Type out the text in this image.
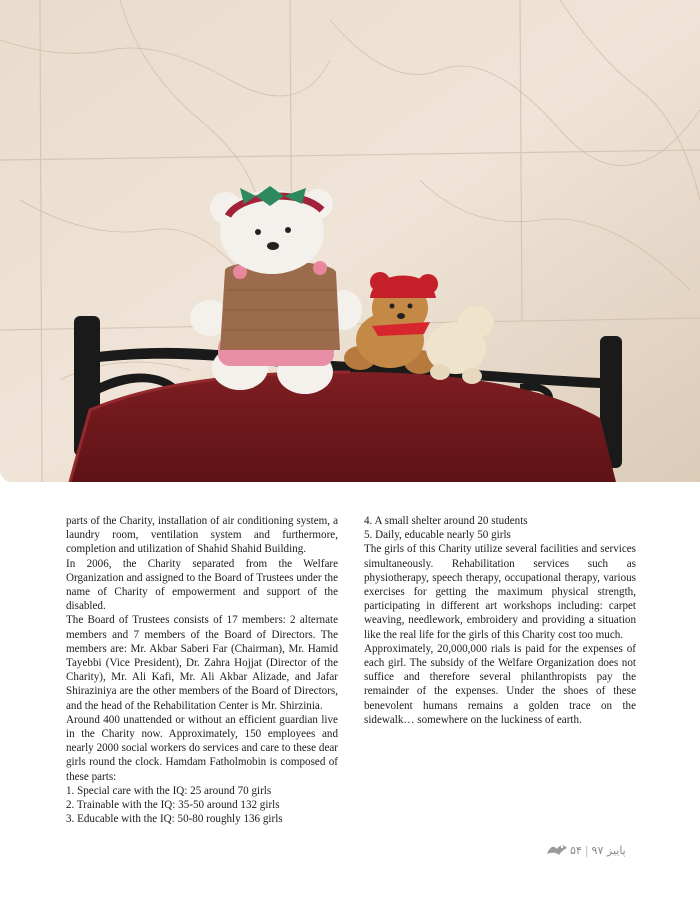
parts of the Charity, installation of air conditioning system, a laundry room, ventilation system and furthermore, completion and utilization of Shahid Shahid Building.

In 2006, the Charity separated from the Welfare Organization and assigned to the Board of Trustees under the name of Charity of empowerment and support of the disabled.

The Board of Trustees consists of 17 members: 2 alternate members and 7 members of the Board of Directors. The members are: Mr. Akbar Saberi Far (Chairman), Mr. Hamid Tayebbi (Vice President), Dr. Zahra Hojjat (Director of the Charity), Mr. Ali Kafi, Mr. Ali Akbar Alizade, and Jafar Shiraziniya are the other members of the Board of Directors, and the head of the Rehabilitation Center is Mr. Shirzinia.

Around 400 unattended or without an efficient guardian live in the Charity now. Approximately, 150 employees and nearly 2000 social workers do services and care to these dear girls round the clock. Hamdam Fatholmobin is composed of these parts:

1. Special care with the IQ: 25 around 70 girls
2. Trainable with the IQ: 35-50 around 132 girls
3. Educable with the IQ: 50-80 roughly 136 girls
4. A small shelter around 20 students
5. Daily, educable nearly 50 girls

The girls of this Charity utilize several facilities and services simultaneously. Rehabilitation services such as physiotherapy, speech therapy, occupational therapy, various exercises for getting the maximum physical strength, participating in different art workshops including: carpet weaving, needlework, embroidery and providing a situation like the real life for the girls of this Charity cost too much.

Approximately, 20,000,000 rials is paid for the expenses of each girl. The subsidy of the Welfare Organization does not suffice and therefore several philanthropists pay the remainder of the expenses. Under the shoes of these benevolent humans remains a golden trace on the sidewalk… somewhere on the luckiness of earth.

۵۴ | پاییز ۹۷
